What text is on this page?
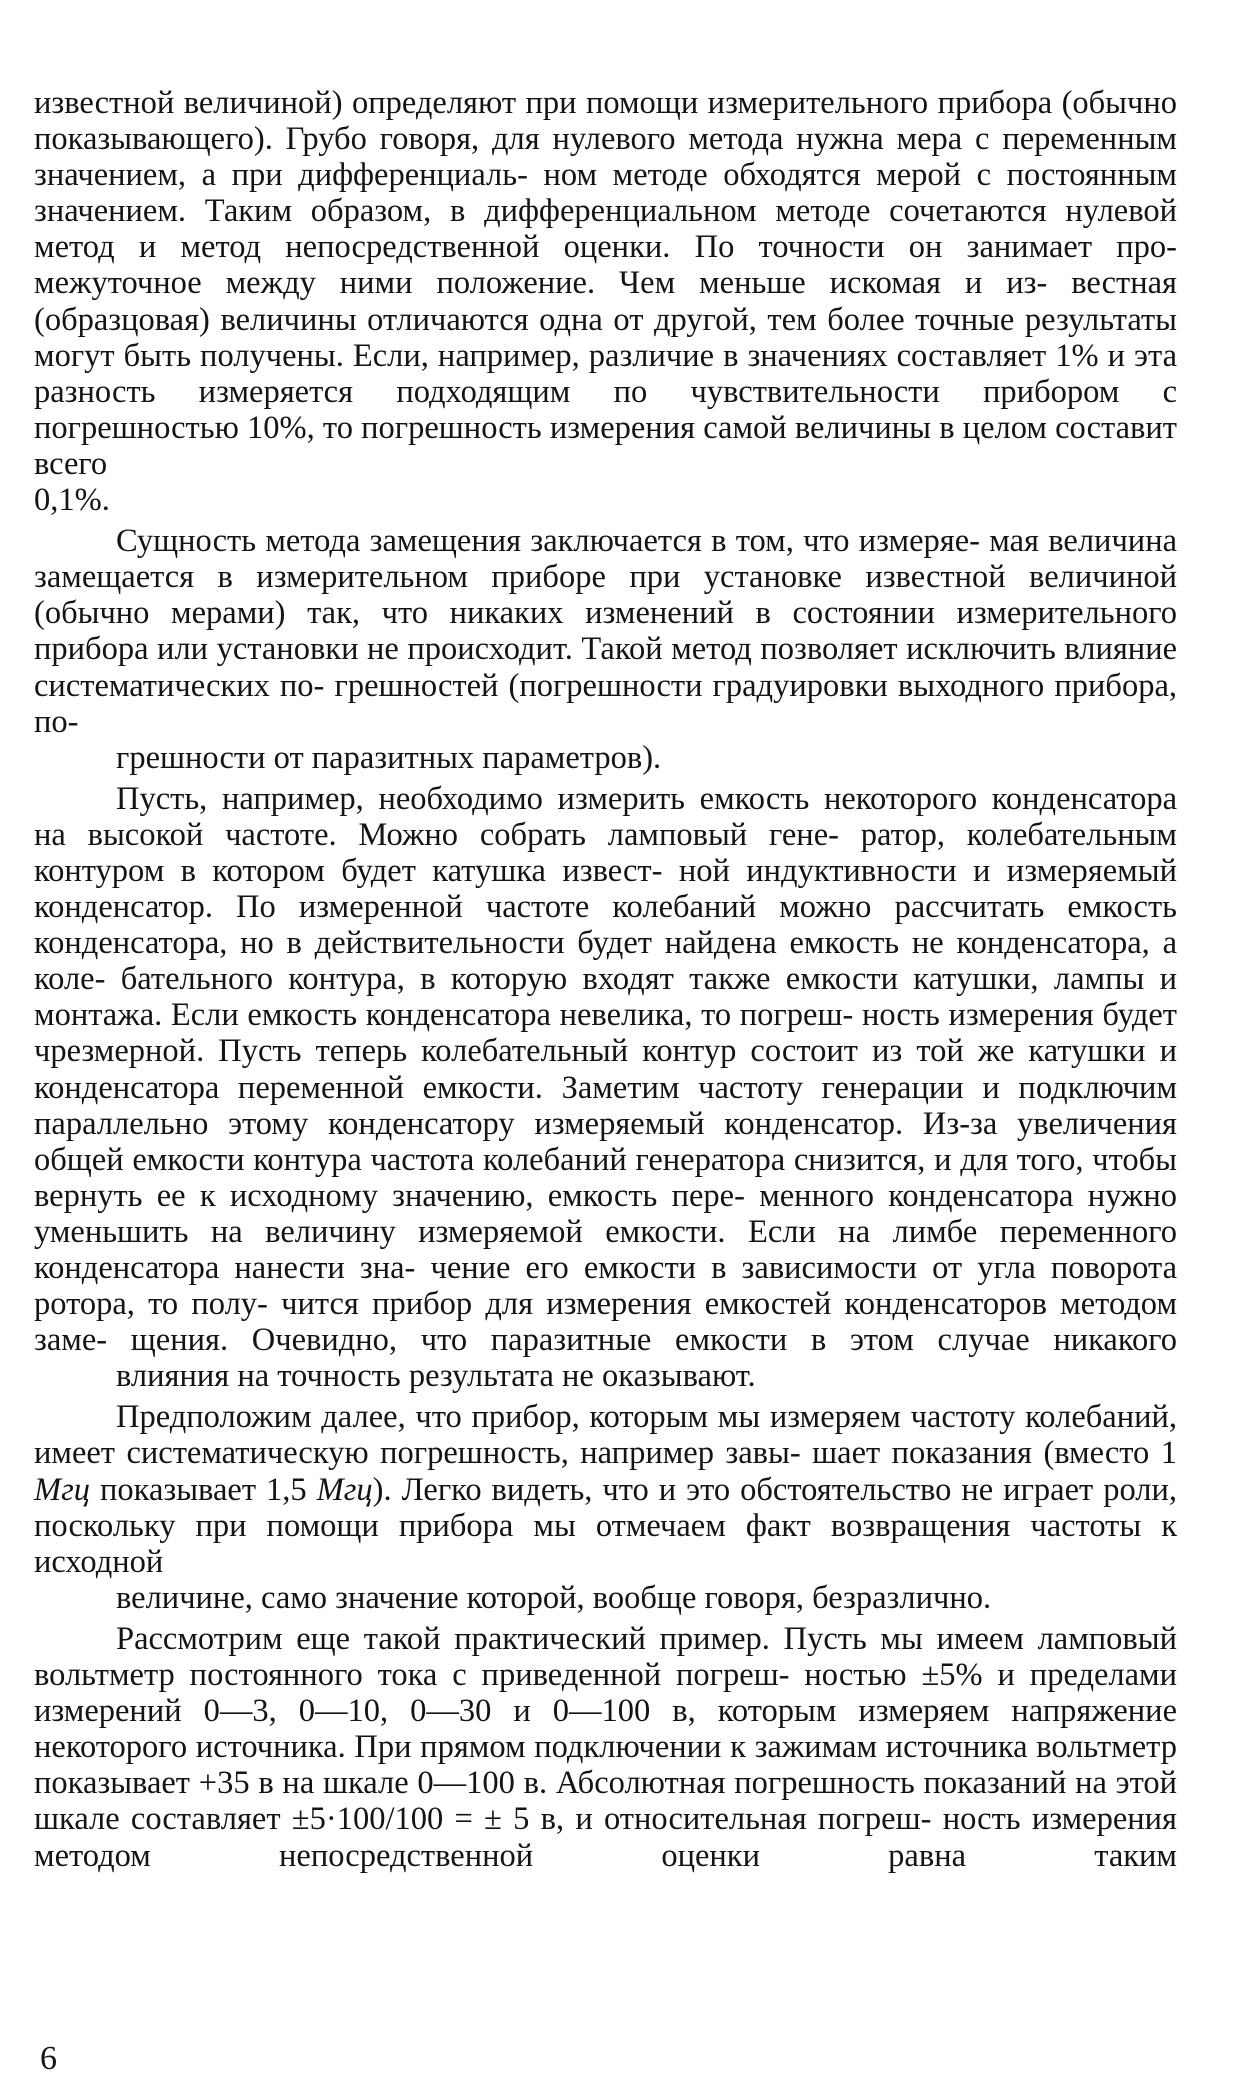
известной величиной) определяют при помощи измерительного прибора (обычно показывающего). Грубо говоря, для нулевого метода нужна мера с переменным значением, а при дифференциаль- ном методе обходятся мерой с постоянным значением. Таким образом, в дифференциальном методе сочетаются нулевой метод и метод непосредственной оценки. По точности он занимает про- межуточное между ними положение. Чем меньше искомая и из- вестная (образцовая) величины отличаются одна от другой, тем более точные результаты могут быть получены. Если, например, различие в значениях составляет 1% и эта разность измеряется подходящим по чувствительности прибором с погрешностью 10%, то погрешность измерения самой величины в целом составит всего
0,1%.

Сущность метода замещения заключается в том, что измеряе- мая величина замещается в измерительном приборе при установке известной величиной (обычно мерами) так, что никаких изменений в состоянии измерительного прибора или установки не происходит. Такой метод позволяет исключить влияние систематических по- грешностей (погрешности градуировки выходного прибора, по-
грешности от паразитных параметров).

Пусть, например, необходимо измерить емкость некоторого конденсатора на высокой частоте. Можно собрать ламповый гене- ратор, колебательным контуром в котором будет катушка извест- ной индуктивности и измеряемый конденсатор. По измеренной частоте колебаний можно рассчитать емкость конденсатора, но в действительности будет найдена емкость не конденсатора, а коле- бательного контура, в которую входят также емкости катушки, лампы и монтажа. Если емкость конденсатора невелика, то погреш- ность измерения будет чрезмерной. Пусть теперь колебательный контур состоит из той же катушки и конденсатора переменной емкости. Заметим частоту генерации и подключим параллельно этому конденсатору измеряемый конденсатор. Из-за увеличения общей емкости контура частота колебаний генератора снизится, и для того, чтобы вернуть ее к исходному значению, емкость пере- менного конденсатора нужно уменьшить на величину измеряемой емкости. Если на лимбе переменного конденсатора нанести зна- чение его емкости в зависимости от угла поворота ротора, то полу- чится прибор для измерения емкостей конденсаторов методом заме- щения. Очевидно, что паразитные емкости в этом случае никакого
влияния на точность результата не оказывают.

Предположим далее, что прибор, которым мы измеряем частоту колебаний, имеет систематическую погрешность, например завы- шает показания (вместо 1 Мгц показывает 1,5 Мгц). Легко видеть, что и это обстоятельство не играет роли, поскольку при помощи прибора мы отмечаем факт возвращения частоты к исходной
величине, само значение которой, вообще говоря, безразлично.

Рассмотрим еще такой практический пример. Пусть мы имеем ламповый вольтметр постоянного тока с приведенной погреш- ностью ±5% и пределами измерений 0—3, 0—10, 0—30 и 0—100 в, которым измеряем напряжение некоторого источника. При прямом подключении к зажимам источника вольтметр показывает +35 в на шкале 0—100 в. Абсолютная погрешность показаний на этой шкале составляет ±5·100/100 = ± 5 в, и относительная погреш- ность измерения методом непосредственной оценки равна таким

6
